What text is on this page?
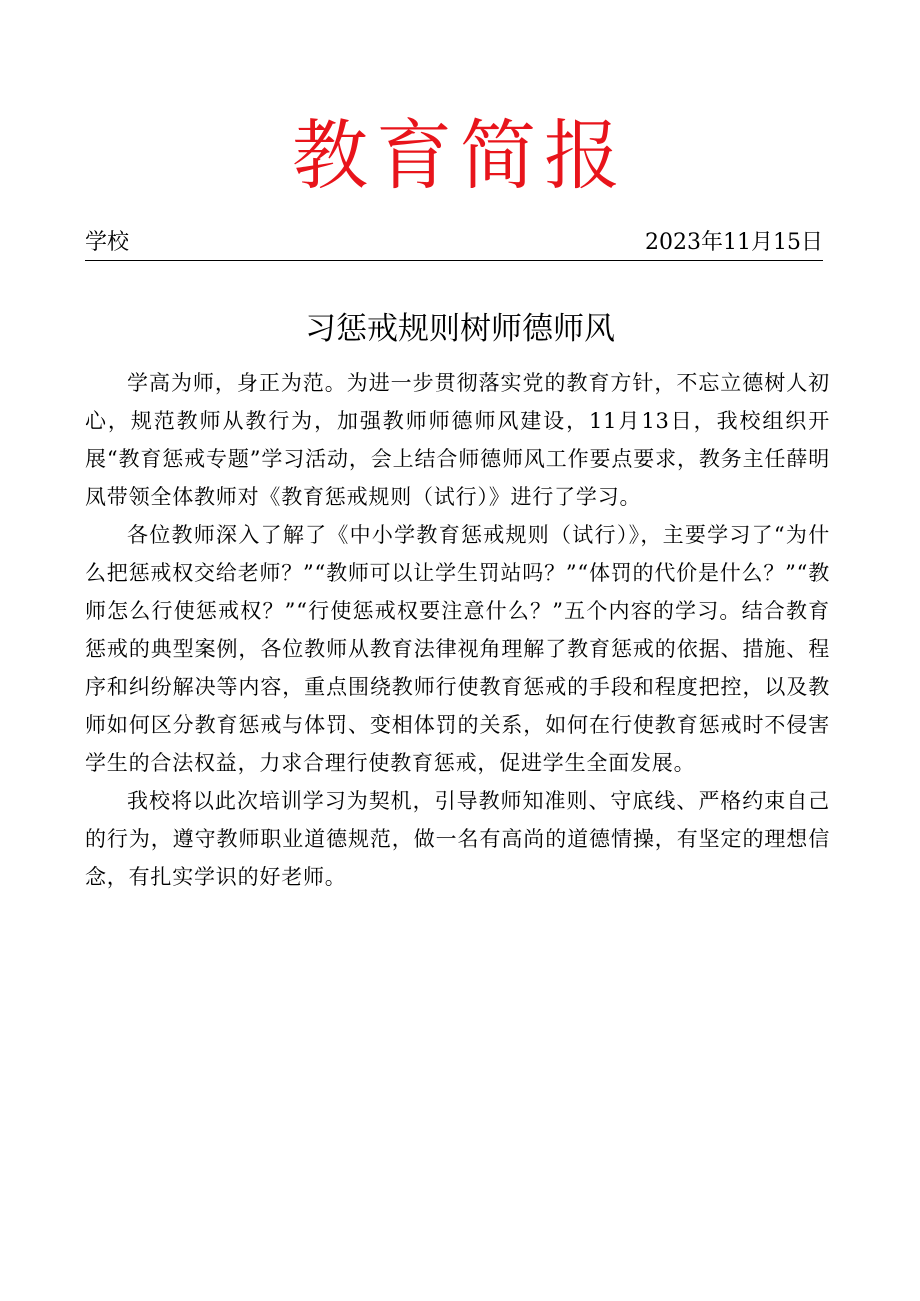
教育简报
学校	2023年11月15日
习惩戒规则树师德师风

学高为师，身正为范。为进一步贯彻落实党的教育方针，不忘立德树人初心，规范教师从教行为，加强教师师德师风建设，11月13日，我校组织开展“教育惩戒专题”学习活动，会上结合师德师风工作要点要求，教务主任薛明凤带领全体教师对《教育惩戒规则（试行）》进行了学习。

各位教师深入了解了《中小学教育惩戒规则（试行）》，主要学习了“为什么把惩戒权交给老师？”“教师可以让学生罚站吗？”“体罚的代价是什么？”“教师怎么行使惩戒权？”“行使惩戒权要注意什么？”五个内容的学习。结合教育惩戒的典型案例，各位教师从教育法律视角理解了教育惩戒的依据、措施、程序和纠纷解决等内容，重点围绕教师行使教育惩戒的手段和程度把控，以及教师如何区分教育惩戒与体罚、变相体罚的关系，如何在行使教育惩戒时不侵害学生的合法权益，力求合理行使教育惩戒，促进学生全面发展。

我校将以此次培训学习为契机，引导教师知准则、守底线、严格约束自己的行为，遵守教师职业道德规范，做一名有高尚的道德情操，有坚定的理想信念，有扎实学识的好老师。
